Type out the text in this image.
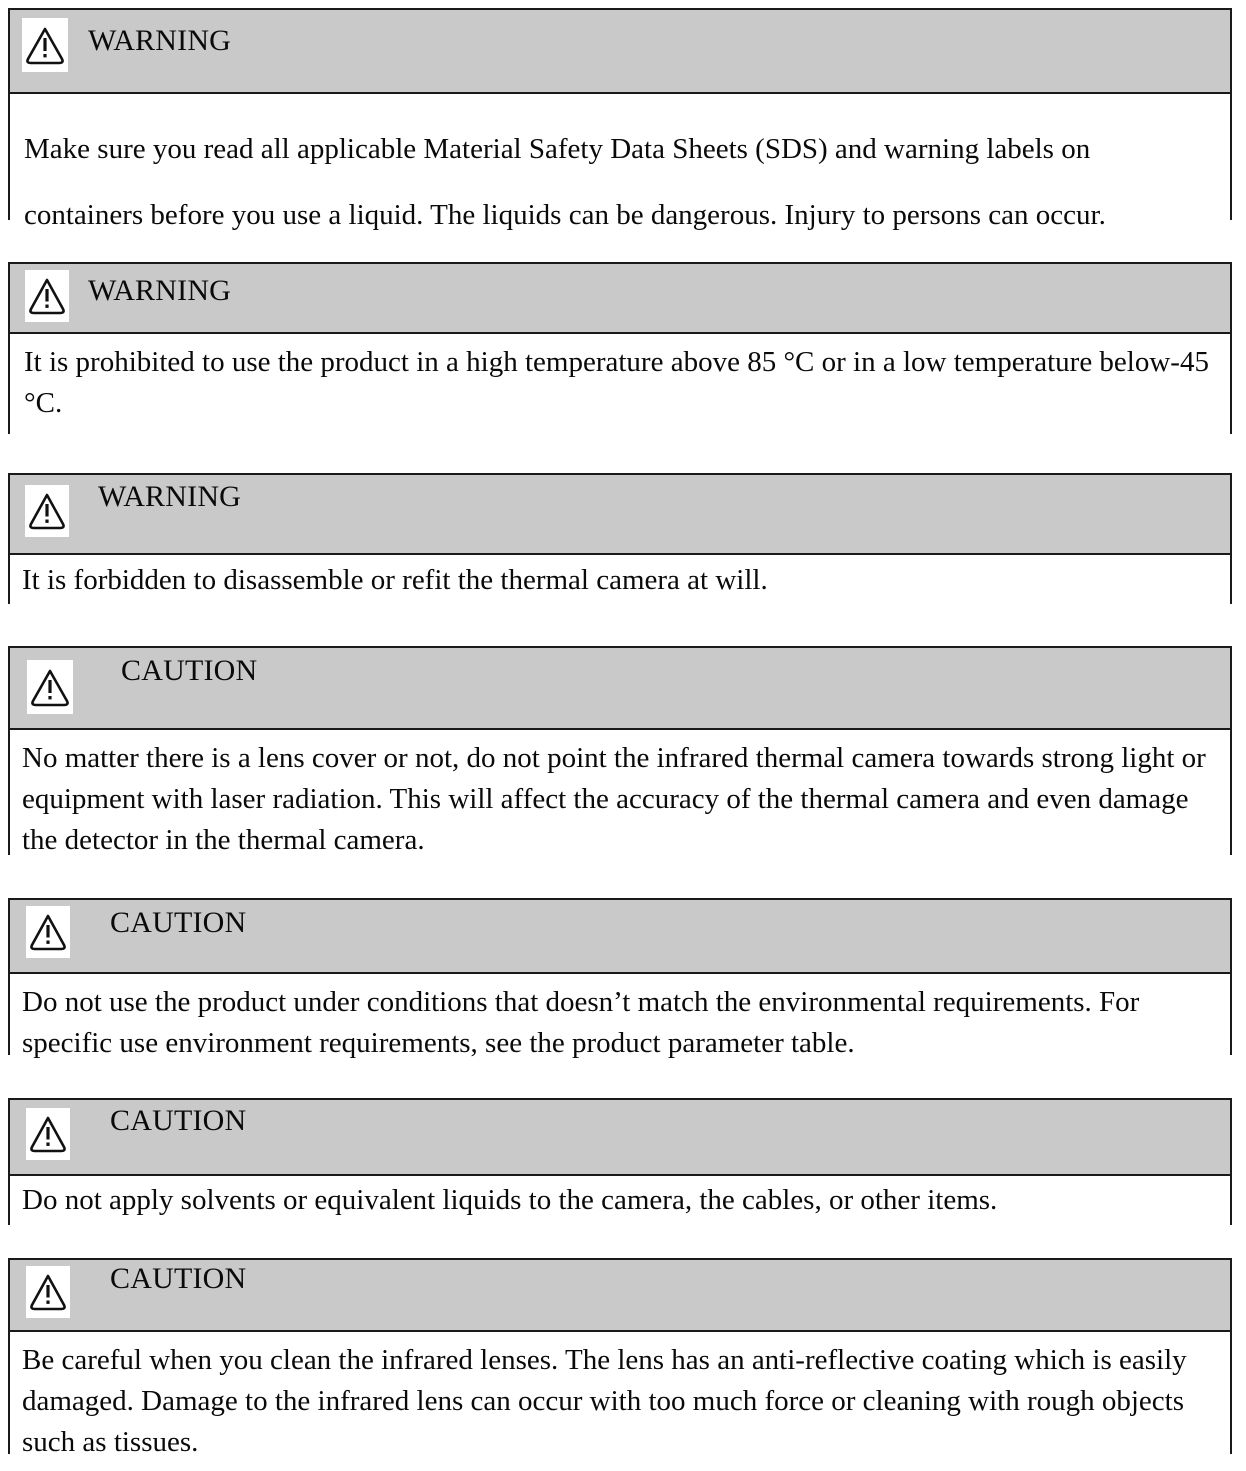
WARNING

Make sure you read all applicable Material Safety Data Sheets (SDS) and warning labels on containers before you use a liquid. The liquids can be dangerous. Injury to persons can occur.

WARNING

It is prohibited to use the product in a high temperature above 85 °C or in a low temperature below-45 °C.

WARNING

It is forbidden to disassemble or refit the thermal camera at will.

CAUTION

No matter there is a lens cover or not, do not point the infrared thermal camera towards strong light or equipment with laser radiation. This will affect the accuracy of the thermal camera and even damage the detector in the thermal camera.

CAUTION

Do not use the product under conditions that doesn’t match the environmental requirements. For specific use environment requirements, see the product parameter table.

CAUTION

Do not apply solvents or equivalent liquids to the camera, the cables, or other items.

CAUTION

Be careful when you clean the infrared lenses. The lens has an anti-reflective coating which is easily damaged. Damage to the infrared lens can occur with too much force or cleaning with rough objects such as tissues.
